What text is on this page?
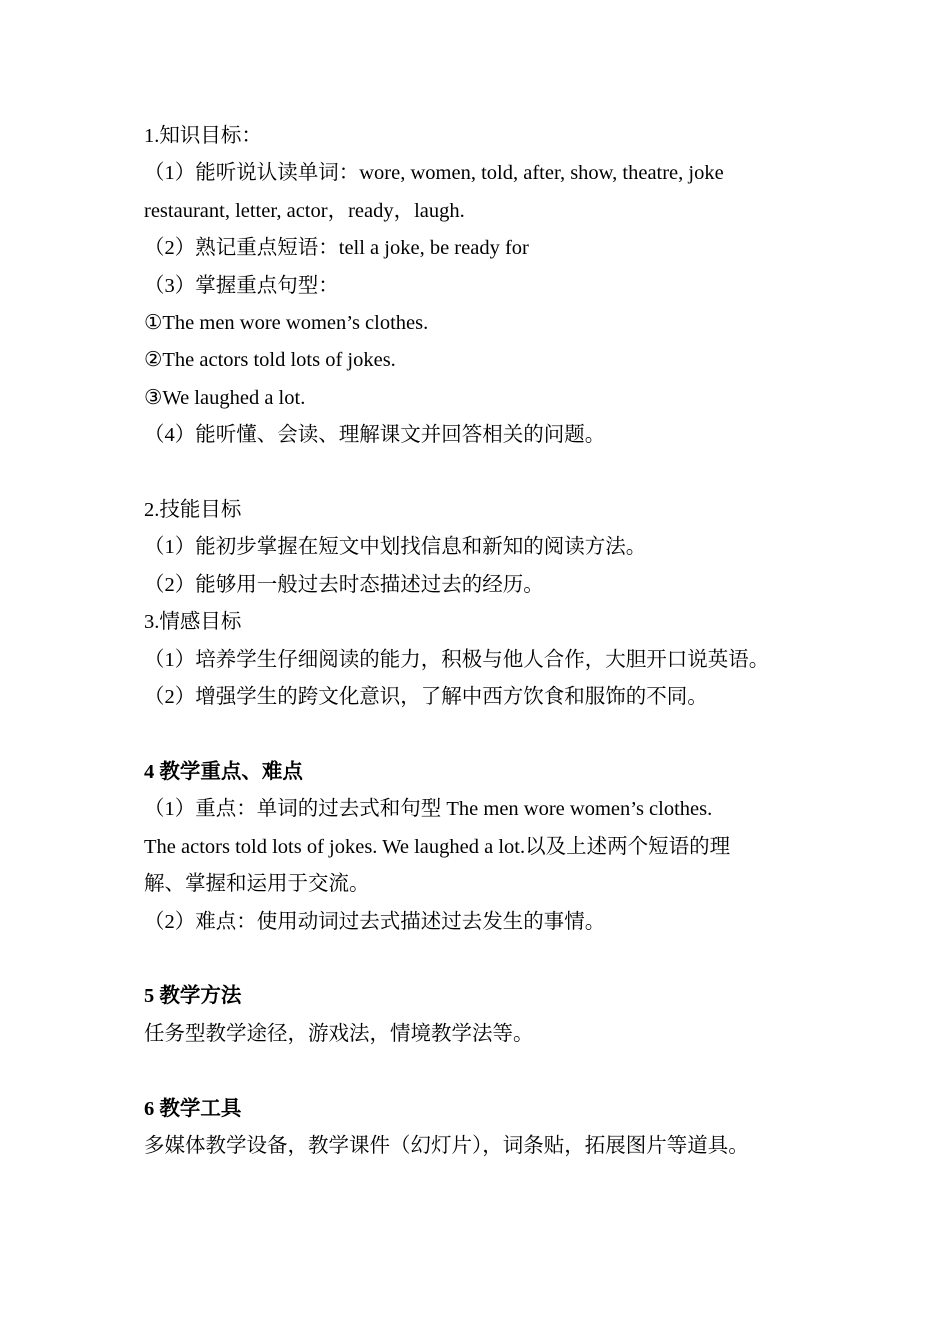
1.知识目标：
（1）能听说认读单词：wore, women, told, after, show, theatre, joke
restaurant, letter, actor，ready，laugh.
（2）熟记重点短语：tell a joke, be ready for
（3）掌握重点句型：
①The men wore women’s clothes.
②The actors told lots of jokes.
③We laughed a lot.
（4）能听懂、会读、理解课文并回答相关的问题。
2.技能目标
（1）能初步掌握在短文中划找信息和新知的阅读方法。
（2）能够用一般过去时态描述过去的经历。
3.情感目标
（1）培养学生仔细阅读的能力，积极与他人合作，大胆开口说英语。
（2）增强学生的跨文化意识，了解中西方饮食和服饰的不同。
4 教学重点、难点
（1）重点：单词的过去式和句型 The men wore women’s clothes.
The actors told lots of jokes. We laughed a lot.以及上述两个短语的理
解、掌握和运用于交流。
（2）难点：使用动词过去式描述过去发生的事情。
5 教学方法
任务型教学途径，游戏法，情境教学法等。
6 教学工具
多媒体教学设备，教学课件（幻灯片），词条贴，拓展图片等道具。
